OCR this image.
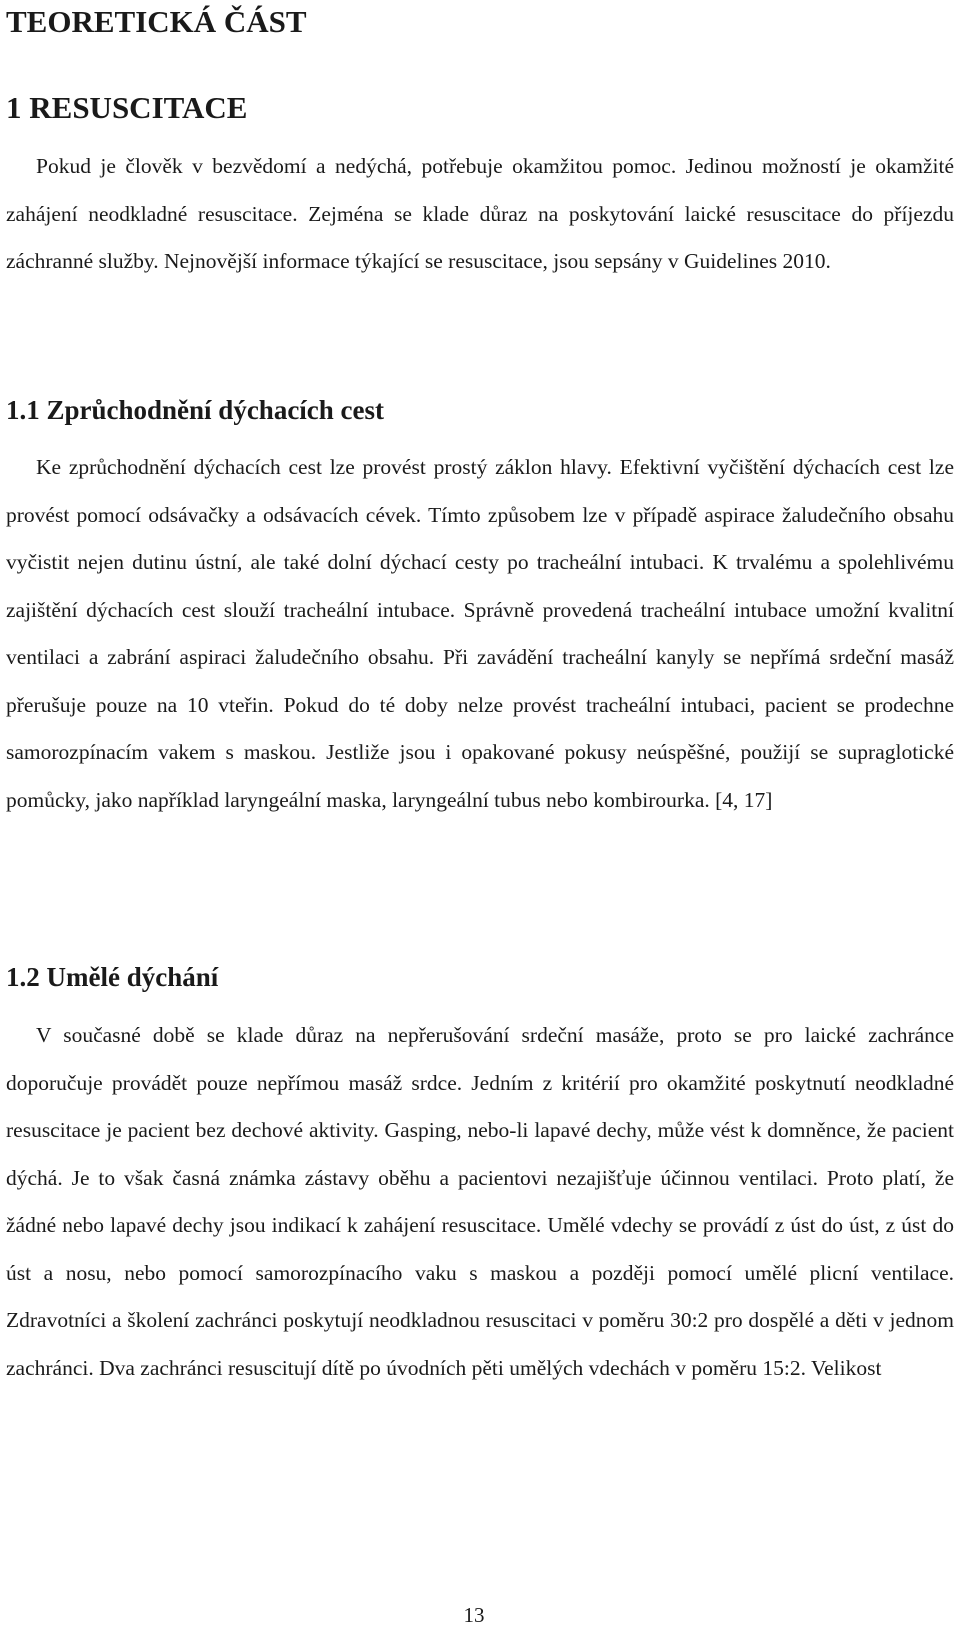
TEORETICKÁ ČÁST
1 RESUSCITACE

Pokud je člověk v bezvědomí a nedýchá, potřebuje okamžitou pomoc. Jedinou možností je okamžité zahájení neodkladné resuscitace. Zejména se klade důraz na poskytování laické resuscitace do příjezdu záchranné služby. Nejnovější informace týkající se resuscitace, jsou sepsány v Guidelines 2010.

1.1 Zprůchodnění dýchacích cest

Ke zprůchodnění dýchacích cest lze provést prostý záklon hlavy. Efektivní vyčištění dýchacích cest lze provést pomocí odsávačky a odsávacích cévek. Tímto způsobem lze v případě aspirace žaludečního obsahu vyčistit nejen dutinu ústní, ale také dolní dýchací cesty po tracheální intubaci. K trvalému a spolehlivému zajištění dýchacích cest slouží tracheální intubace. Správně provedená tracheální intubace umožní kvalitní ventilaci a zabrání aspiraci žaludečního obsahu. Při zavádění tracheální kanyly se nepřímá srdeční masáž přerušuje pouze na 10 vteřin. Pokud do té doby nelze provést tracheální intubaci, pacient se prodechne samorozpínacím vakem s maskou. Jestliže jsou i opakované pokusy neúspěšné, použijí se supraglotické pomůcky, jako například laryngeální maska, laryngeální tubus nebo kombirourka. [4, 17]

1.2 Umělé dýchání

V současné době se klade důraz na nepřerušování srdeční masáže, proto se pro laické zachránce doporučuje provádět pouze nepřímou masáž srdce. Jedním z kritérií pro okamžité poskytnutí neodkladné resuscitace je pacient bez dechové aktivity. Gasping, nebo-li lapavé dechy, může vést k domněnce, že pacient dýchá. Je to však časná známka zástavy oběhu a pacientovi nezajišťuje účinnou ventilaci. Proto platí, že žádné nebo lapavé dechy jsou indikací k zahájení resuscitace. Umělé vdechy se provádí z úst do úst, z úst do úst a nosu, nebo pomocí samorozpínacího vaku s maskou a později pomocí umělé plicní ventilace. Zdravotníci a školení zachránci poskytují neodkladnou resuscitaci v poměru 30:2 pro dospělé a děti v jednom zachránci. Dva zachránci resuscitují dítě po úvodních pěti umělých vdechách v poměru 15:2. Velikost

13
